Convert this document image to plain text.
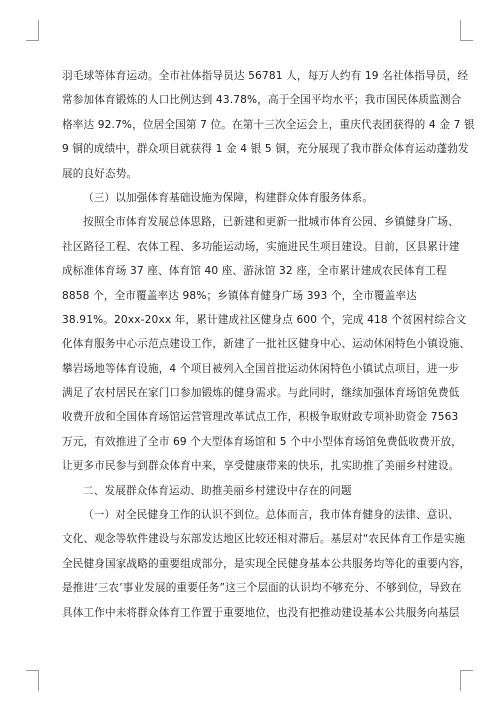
羽毛球等体育运动。全市社体指导员达 56781 人，每万人约有 19 名社体指导员，经
常参加体育锻炼的人口比例达到 43.78%，高于全国平均水平；我市国民体质监测合
格率达 92.7%，位居全国第 7 位。在第十三次全运会上，重庆代表团获得的 4 金 7 银
9 铜的成绩中，群众项目就获得 1 金 4 银 5 铜，充分展现了我市群众体育运动蓬勃发
展的良好态势。
（三）以加强体育基础设施为保障，构建群众体育服务体系。
按照全市体育发展总体思路，已新建和更新一批城市体育公园、乡镇健身广场、
社区路径工程、农体工程、多功能运动场，实施进民生项目建设。目前，区县累计建
成标准体育场 37 座、体育馆 40 座、游泳馆 32 座，全市累计建成农民体育工程
8858 个，全市覆盖率达 98%；乡镇体育健身广场 393 个，全市覆盖率达
38.91%。20xx-20xx 年，累计建成社区健身点 600 个，完成 418 个贫困村综合文
化体育服务中心示范点建设工作，新建了一批社区健身中心、运动休闲特色小镇设施、
攀岩场地等体育设施，4 个项目被列入全国首批运动休闲特色小镇试点项目，进一步
满足了农村居民在家门口参加锻炼的健身需求。与此同时，继续加强体育场馆免费低
收费开放和全国体育场馆运营管理改革试点工作，积极争取财政专项补助资金 7563
万元，有效推进了全市 69 个大型体育场馆和 5 个中小型体育场馆免费低收费开放，
让更多市民参与到群众体育中来，享受健康带来的快乐，扎实助推了美丽乡村建设。
二、发展群众体育运动、助推美丽乡村建设中存在的问题
（一）对全民健身工作的认识不到位。总体而言，我市体育健身的法律、意识、
文化、观念等软件建设与东部发达地区比较还相对滞后。基层对“农民体育工作是实施
全民健身国家战略的重要组成部分，是实现全民健身基本公共服务均等化的重要内容，
是推进‘三农’事业发展的重要任务”这三个层面的认识均不够充分、不够到位，导致在
具体工作中未将群众体育工作置于重要地位，也没有把推动建设基本公共服务向基层
